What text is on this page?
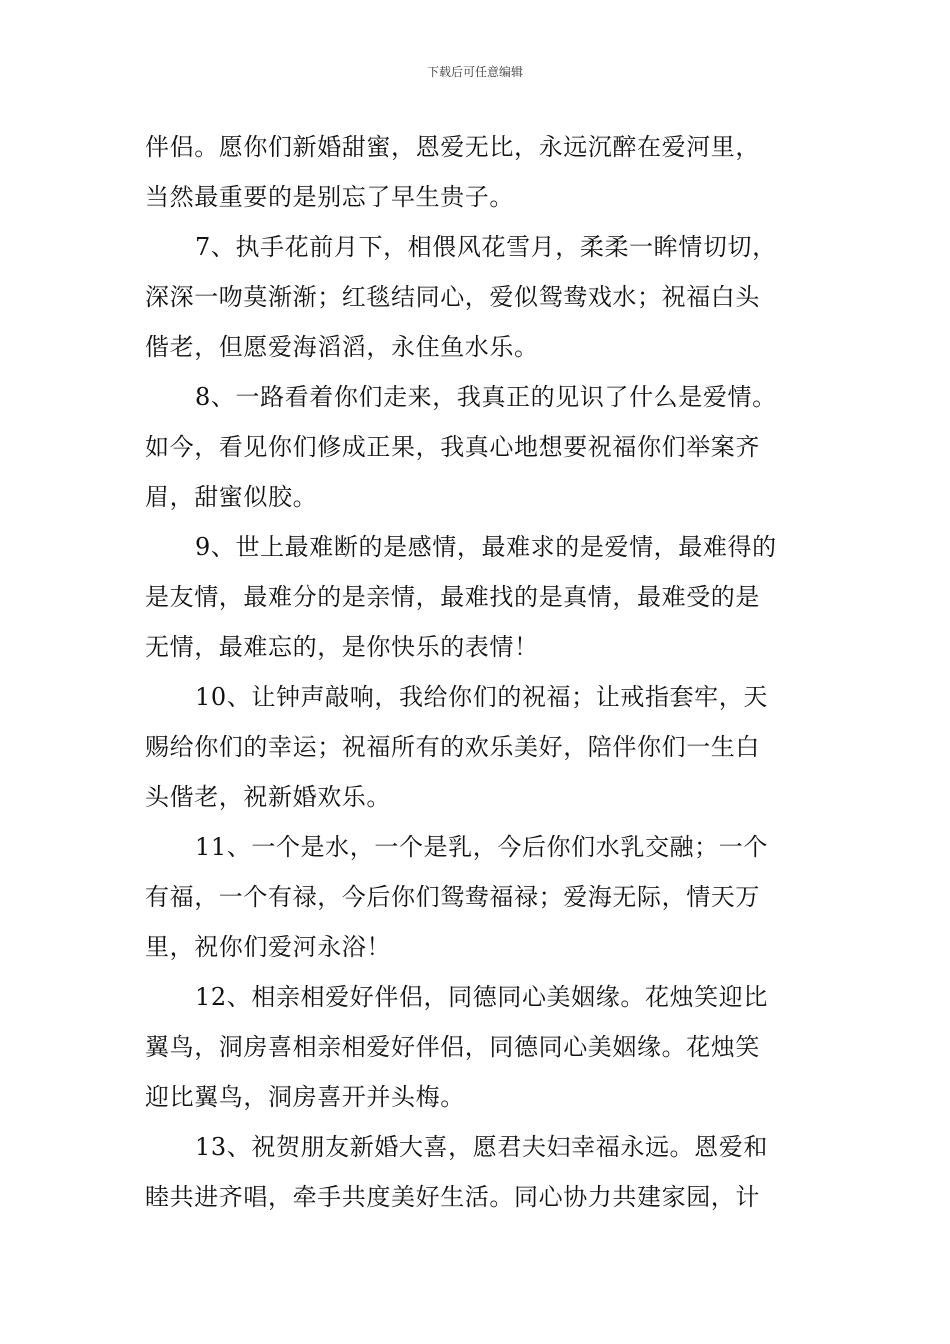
下载后可任意编辑
伴侣。愿你们新婚甜蜜，恩爱无比，永远沉醉在爱河里，
当然最重要的是别忘了早生贵子。
7、执手花前月下，相偎风花雪月，柔柔一眸情切切，
深深一吻莫渐渐；红毯结同心，爱似鸳鸯戏水；祝福白头
偕老，但愿爱海滔滔，永住鱼水乐。
8、一路看着你们走来，我真正的见识了什么是爱情。
如今，看见你们修成正果，我真心地想要祝福你们举案齐
眉，甜蜜似胶。
9、世上最难断的是感情，最难求的是爱情，最难得的
是友情，最难分的是亲情，最难找的是真情，最难受的是
无情，最难忘的，是你快乐的表情！
10、让钟声敲响，我给你们的祝福；让戒指套牢，天
赐给你们的幸运；祝福所有的欢乐美好，陪伴你们一生白
头偕老，祝新婚欢乐。
11、一个是水，一个是乳，今后你们水乳交融；一个
有福，一个有禄，今后你们鸳鸯福禄；爱海无际，情天万
里，祝你们爱河永浴！
12、相亲相爱好伴侣，同德同心美姻缘。花烛笑迎比
翼鸟，洞房喜相亲相爱好伴侣，同德同心美姻缘。花烛笑
迎比翼鸟，洞房喜开并头梅。
13、祝贺朋友新婚大喜，愿君夫妇幸福永远。恩爱和
睦共进齐唱，牵手共度美好生活。同心协力共建家园，计
